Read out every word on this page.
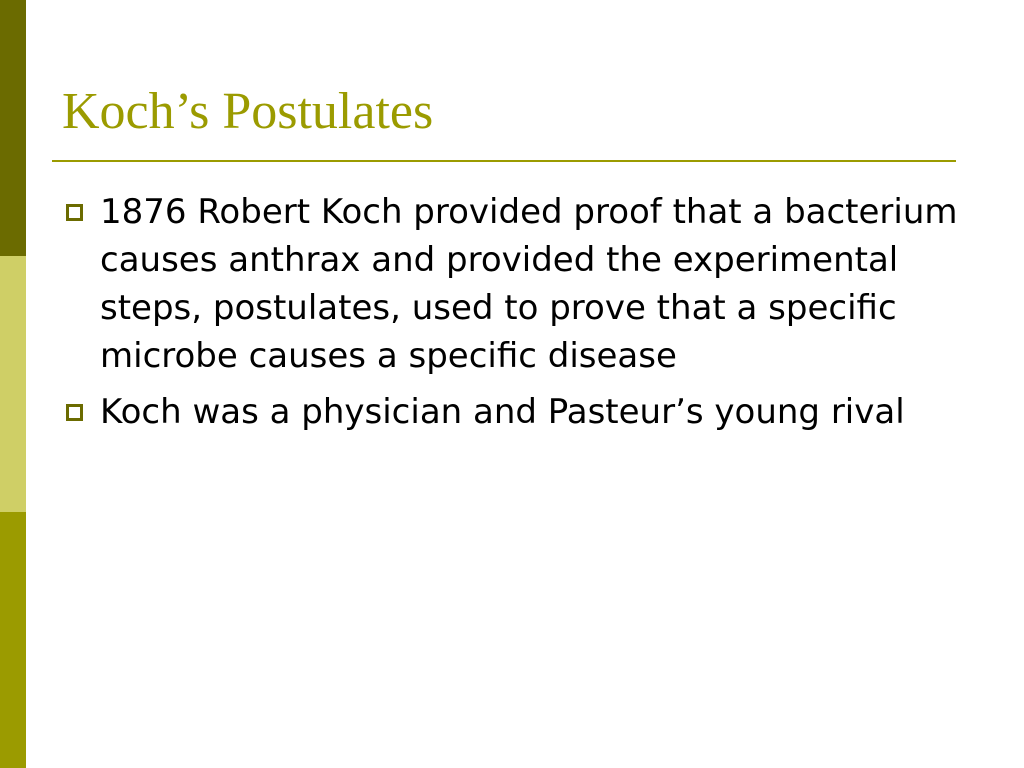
Koch’s Postulates
1876 Robert Koch provided proof that a bacterium causes anthrax and provided the experimental steps, postulates, used to prove that a specific microbe causes a specific disease
Koch was a physician and Pasteur’s young rival
